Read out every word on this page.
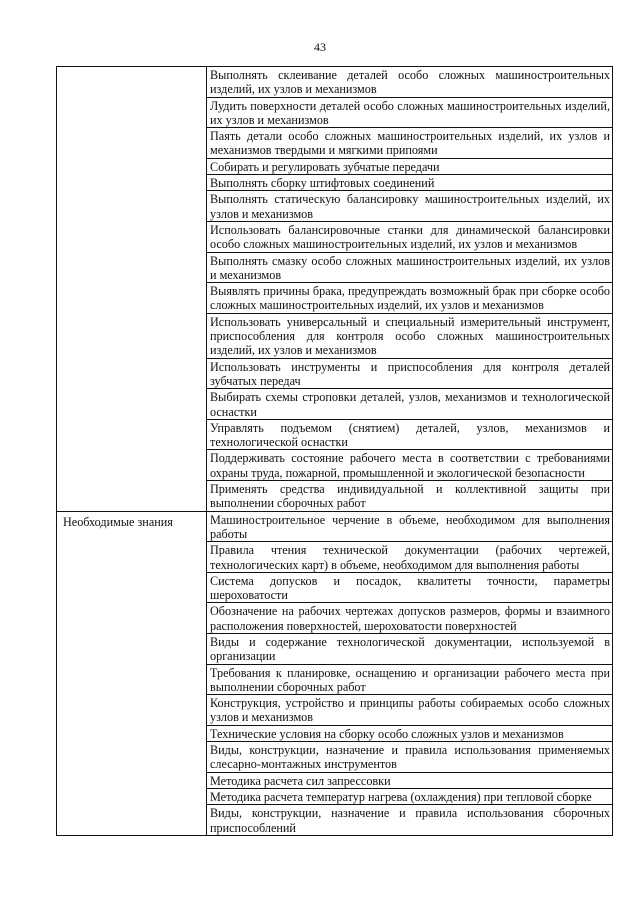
43
	Выполнять склеивание деталей особо сложных машиностроительных изделий, их узлов и механизмов
	Лудить поверхности деталей особо сложных машиностроительных изделий, их узлов и механизмов
	Паять детали особо сложных машиностроительных изделий, их узлов и механизмов твердыми и мягкими припоями
	Собирать и регулировать зубчатые передачи
	Выполнять сборку штифтовых соединений
	Выполнять статическую балансировку машиностроительных изделий, их узлов и механизмов
	Использовать балансировочные станки для динамической балансировки особо сложных машиностроительных изделий, их узлов и механизмов
	Выполнять смазку особо сложных машиностроительных изделий, их узлов и механизмов
	Выявлять причины брака, предупреждать возможный брак при сборке особо сложных машиностроительных изделий, их узлов и механизмов
	Использовать универсальный и специальный измерительный инструмент, приспособления для контроля особо сложных машиностроительных изделий, их узлов и механизмов
	Использовать инструменты и приспособления для контроля деталей зубчатых передач
	Выбирать схемы строповки деталей, узлов, механизмов и технологической оснастки
	Управлять подъемом (снятием) деталей, узлов, механизмов и технологической оснастки
	Поддерживать состояние рабочего места в соответствии с требованиями охраны труда, пожарной, промышленной и экологической безопасности
	Применять средства индивидуальной и коллективной защиты при выполнении сборочных работ
Необходимые знания	Машиностроительное черчение в объеме, необходимом для выполнения работы
	Правила чтения технической документации (рабочих чертежей, технологических карт) в объеме, необходимом для выполнения работы
	Система допусков и посадок, квалитеты точности, параметры шероховатости
	Обозначение на рабочих чертежах допусков размеров, формы и взаимного расположения поверхностей, шероховатости поверхностей
	Виды и содержание технологической документации, используемой в организации
	Требования к планировке, оснащению и организации рабочего места при выполнении сборочных работ
	Конструкция, устройство и принципы работы собираемых особо сложных узлов и механизмов
	Технические условия на сборку особо сложных узлов и механизмов
	Виды, конструкции, назначение и правила использования применяемых слесарно-монтажных инструментов
	Методика расчета сил запрессовки
	Методика расчета температур нагрева (охлаждения) при тепловой сборке
	Виды, конструкции, назначение и правила использования сборочных приспособлений
